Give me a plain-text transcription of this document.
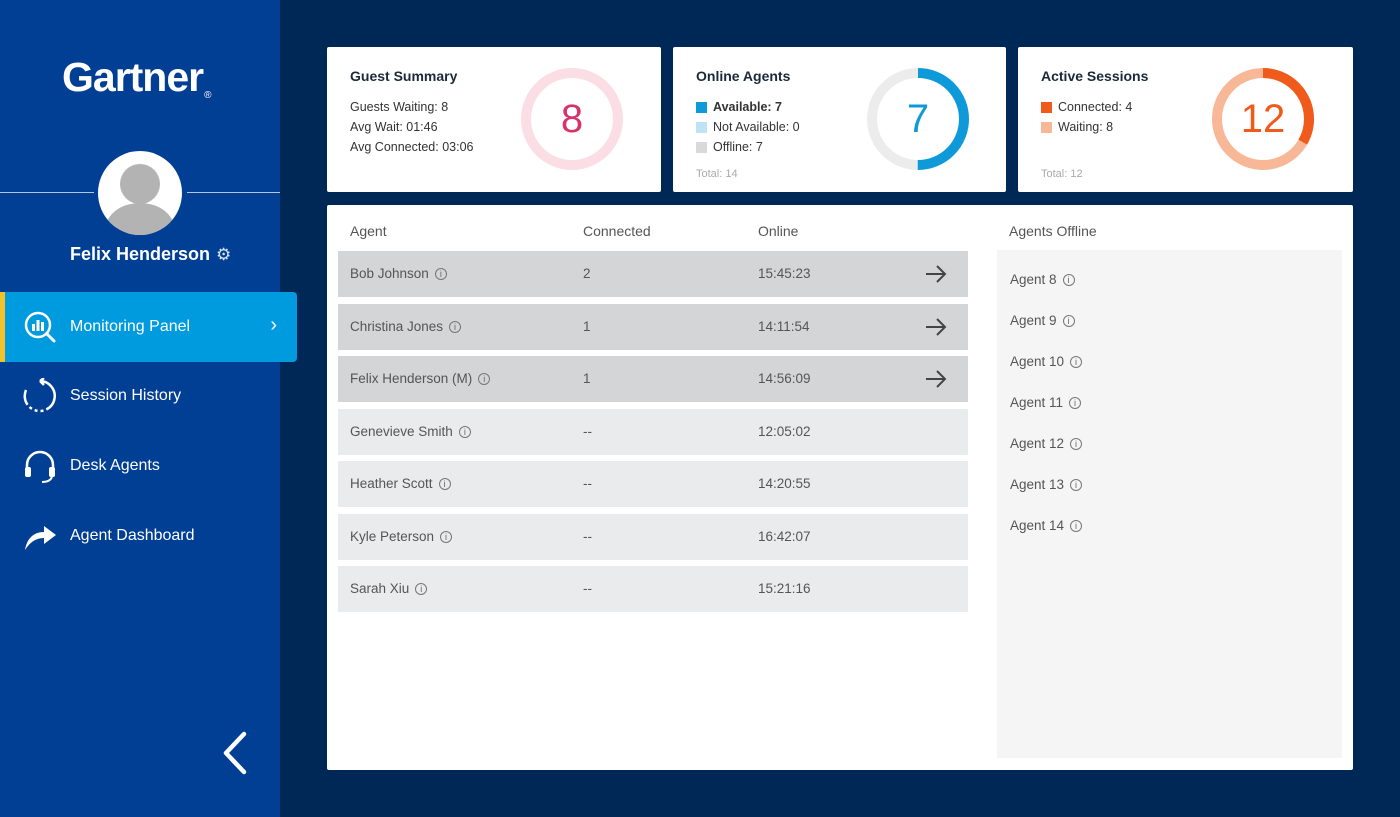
Gartner®
Felix Henderson ⚙
Monitoring Panel	›
Session History
Desk Agents
Agent Dashboard
Guest Summary
Guests Waiting: 8
Avg Wait: 01:46
Avg Connected: 03:06
8
Online Agents
Available: 7
Not Available: 0
Offline: 7
Total: 14
7
Active Sessions
Connected: 4
Waiting: 8
Total: 12
12
Agent	Connected	Online	Agents Offline
Bob Johnson i	2	15:45:23
Christina Jones i	1	14:11:54
Felix Henderson (M) i	1	14:56:09
Genevieve Smith i	--	12:05:02
Heather Scott i	--	14:20:55
Kyle Peterson i	--	16:42:07
Sarah Xiu i	--	15:21:16
Agent 8 i
Agent 9 i
Agent 10 i
Agent 11 i
Agent 12 i
Agent 13 i
Agent 14 i
